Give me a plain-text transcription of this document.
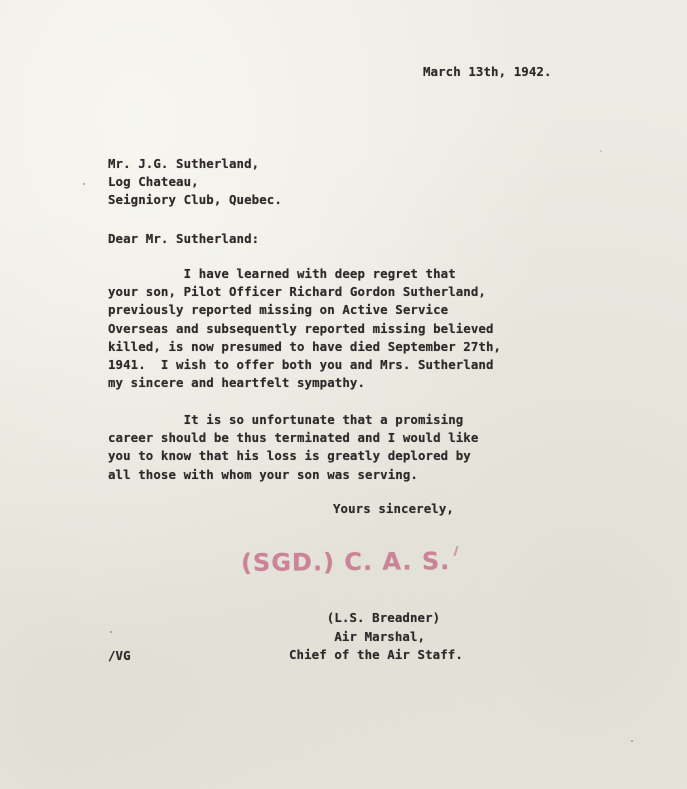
March 13th, 1942.
Mr. J.G. Sutherland,
Log Chateau,
Seigniory Club, Quebec.
Dear Mr. Sutherland:
I have learned with deep regret that
your son, Pilot Officer Richard Gordon Sutherland,
previously reported missing on Active Service
Overseas and subsequently reported missing believed
killed, is now presumed to have died September 27th,
1941.  I wish to offer both you and Mrs. Sutherland
my sincere and heartfelt sympathy.
It is so unfortunate that a promising
career should be thus terminated and I would like
you to know that his loss is greatly deplored by
all those with whom your son was serving.
Yours sincerely,
(SGD.) C. A. S.
(L.S. Breadner)
Air Marshal,
Chief of the Air Staff.
/VG
